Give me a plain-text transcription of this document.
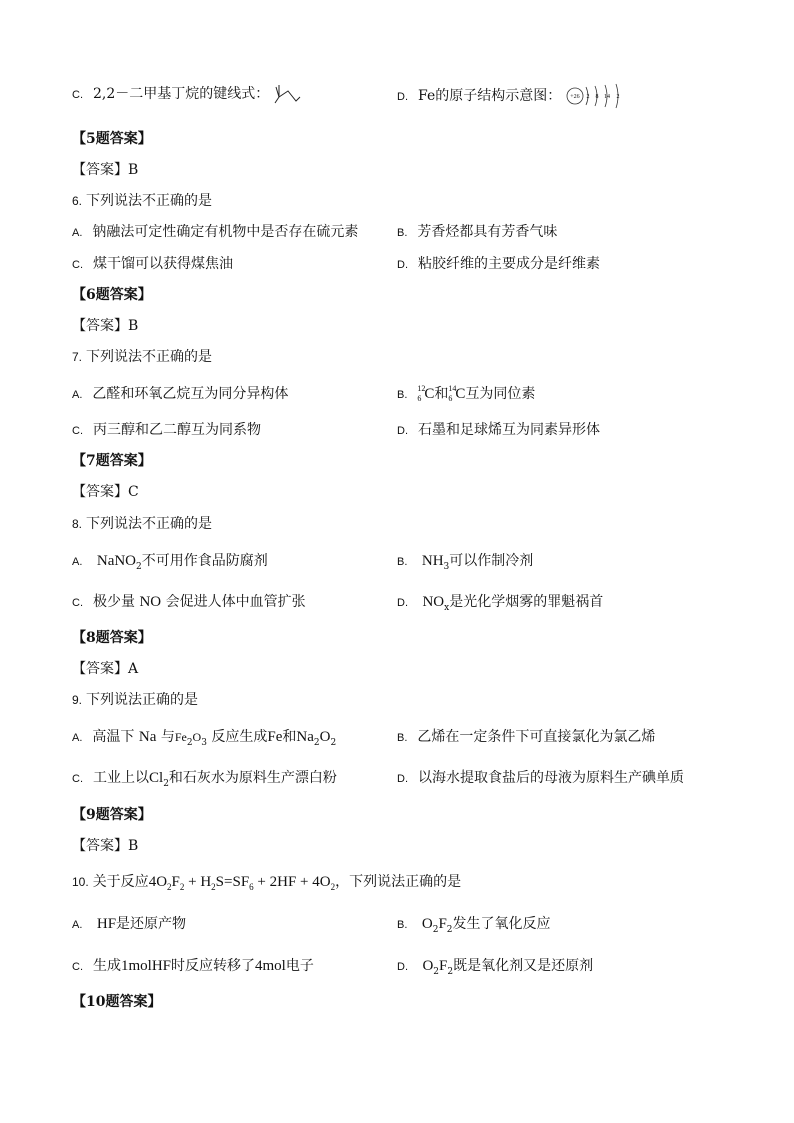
C. 2,2－二甲基丁烷的键线式：	D. Fe的原子结构示意图： +26 2 8 14 2
【5题答案】
【答案】B
6. 下列说法不正确的是
A. 钠融法可定性确定有机物中是否存在硫元素	B. 芳香烃都具有芳香气味
C. 煤干馏可以获得煤焦油	D. 粘胶纤维的主要成分是纤维素
【6题答案】
【答案】B
7. 下列说法不正确的是
A. 乙醛和环氧乙烷互为同分异构体	B.
12
6 C和 14
6 C互为同位素
C. 丙三醇和乙二醇互为同系物	D. 石墨和足球烯互为同素异形体
【7题答案】
【答案】C
8. 下列说法不正确的是
A. NaNO$_2$不可用作食品防腐剂	B. $NH_3$可以作制冷剂
C. 极少量 NO 会促进人体中血管扩张	D. $NO_x$是光化学烟雾的罪魁祸首
【8题答案】
【答案】A
9. 下列说法正确的是
A. 高温下 Na 与$Fe_2O_3$ 反应生成Fe和$Na_2O_2$	B. 乙烯在一定条件下可直接氯化为氯乙烯
C. 工业上以$Cl_2$和石灰水为原料生产漂白粉	D. 以海水提取食盐后的母液为原料生产碘单质
【9题答案】
【答案】B
10. 关于反应$4O_2F_2 + H_2S=SF_6 + 2HF + 4O_2$，下列说法正确的是
A. HF是还原产物	B. $O_2F_2$发生了氧化反应
C. 生成1molHF时反应转移了4mol电子	D. $O_2F_2$既是氧化剂又是还原剂
【10题答案】
